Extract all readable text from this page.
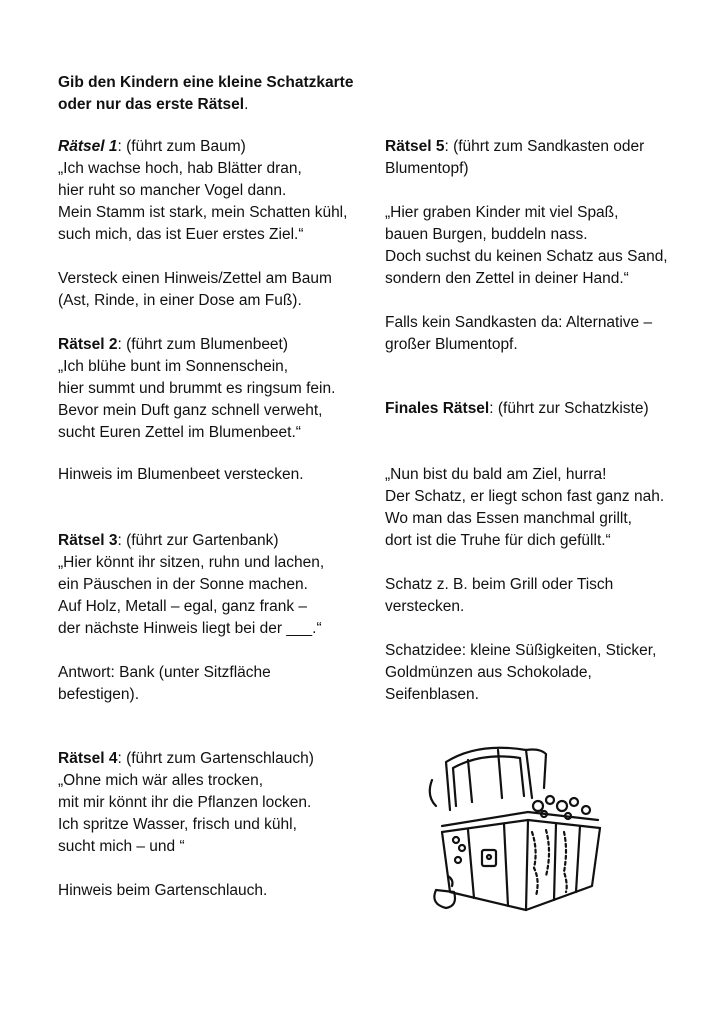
Gib den Kindern eine kleine Schatzkarte
oder nur das erste Rätsel.
Rätsel 1: (führt zum Baum)
„Ich wachse hoch, hab Blätter dran,
hier ruht so mancher Vogel dann.
Mein Stamm ist stark, mein Schatten kühl,
such mich, das ist Euer erstes Ziel.“
Versteck einen Hinweis/Zettel am Baum
(Ast, Rinde, in einer Dose am Fuß).
Rätsel 2: (führt zum Blumenbeet)
„Ich blühe bunt im Sonnenschein,
hier summt und brummt es ringsum fein.
Bevor mein Duft ganz schnell verweht,
sucht Euren Zettel im Blumenbeet.“
Hinweis im Blumenbeet verstecken.
Rätsel 3: (führt zur Gartenbank)
„Hier könnt ihr sitzen, ruhn und lachen,
ein Päuschen in der Sonne machen.
Auf Holz, Metall – egal, ganz frank –
der nächste Hinweis liegt bei der ___.“
Antwort: Bank (unter Sitzfläche
befestigen).
Rätsel 4: (führt zum Gartenschlauch)
„Ohne mich wär alles trocken,
mit mir könnt ihr die Pflanzen locken.
Ich spritze Wasser, frisch und kühl,
sucht mich – und “
Hinweis beim Gartenschlauch.
Rätsel 5: (führt zum Sandkasten oder
Blumentopf)
„Hier graben Kinder mit viel Spaß,
bauen Burgen, buddeln nass.
Doch suchst du keinen Schatz aus Sand,
sondern den Zettel in deiner Hand.“
Falls kein Sandkasten da: Alternative –
großer Blumentopf.
Finales Rätsel: (führt zur Schatzkiste)
„Nun bist du bald am Ziel, hurra!
Der Schatz, er liegt schon fast ganz nah.
Wo man das Essen manchmal grillt,
dort ist die Truhe für dich gefüllt.“
Schatz z. B. beim Grill oder Tisch
verstecken.
Schatzidee: kleine Süßigkeiten, Sticker,
Goldmünzen aus Schokolade,
Seifenblasen.
